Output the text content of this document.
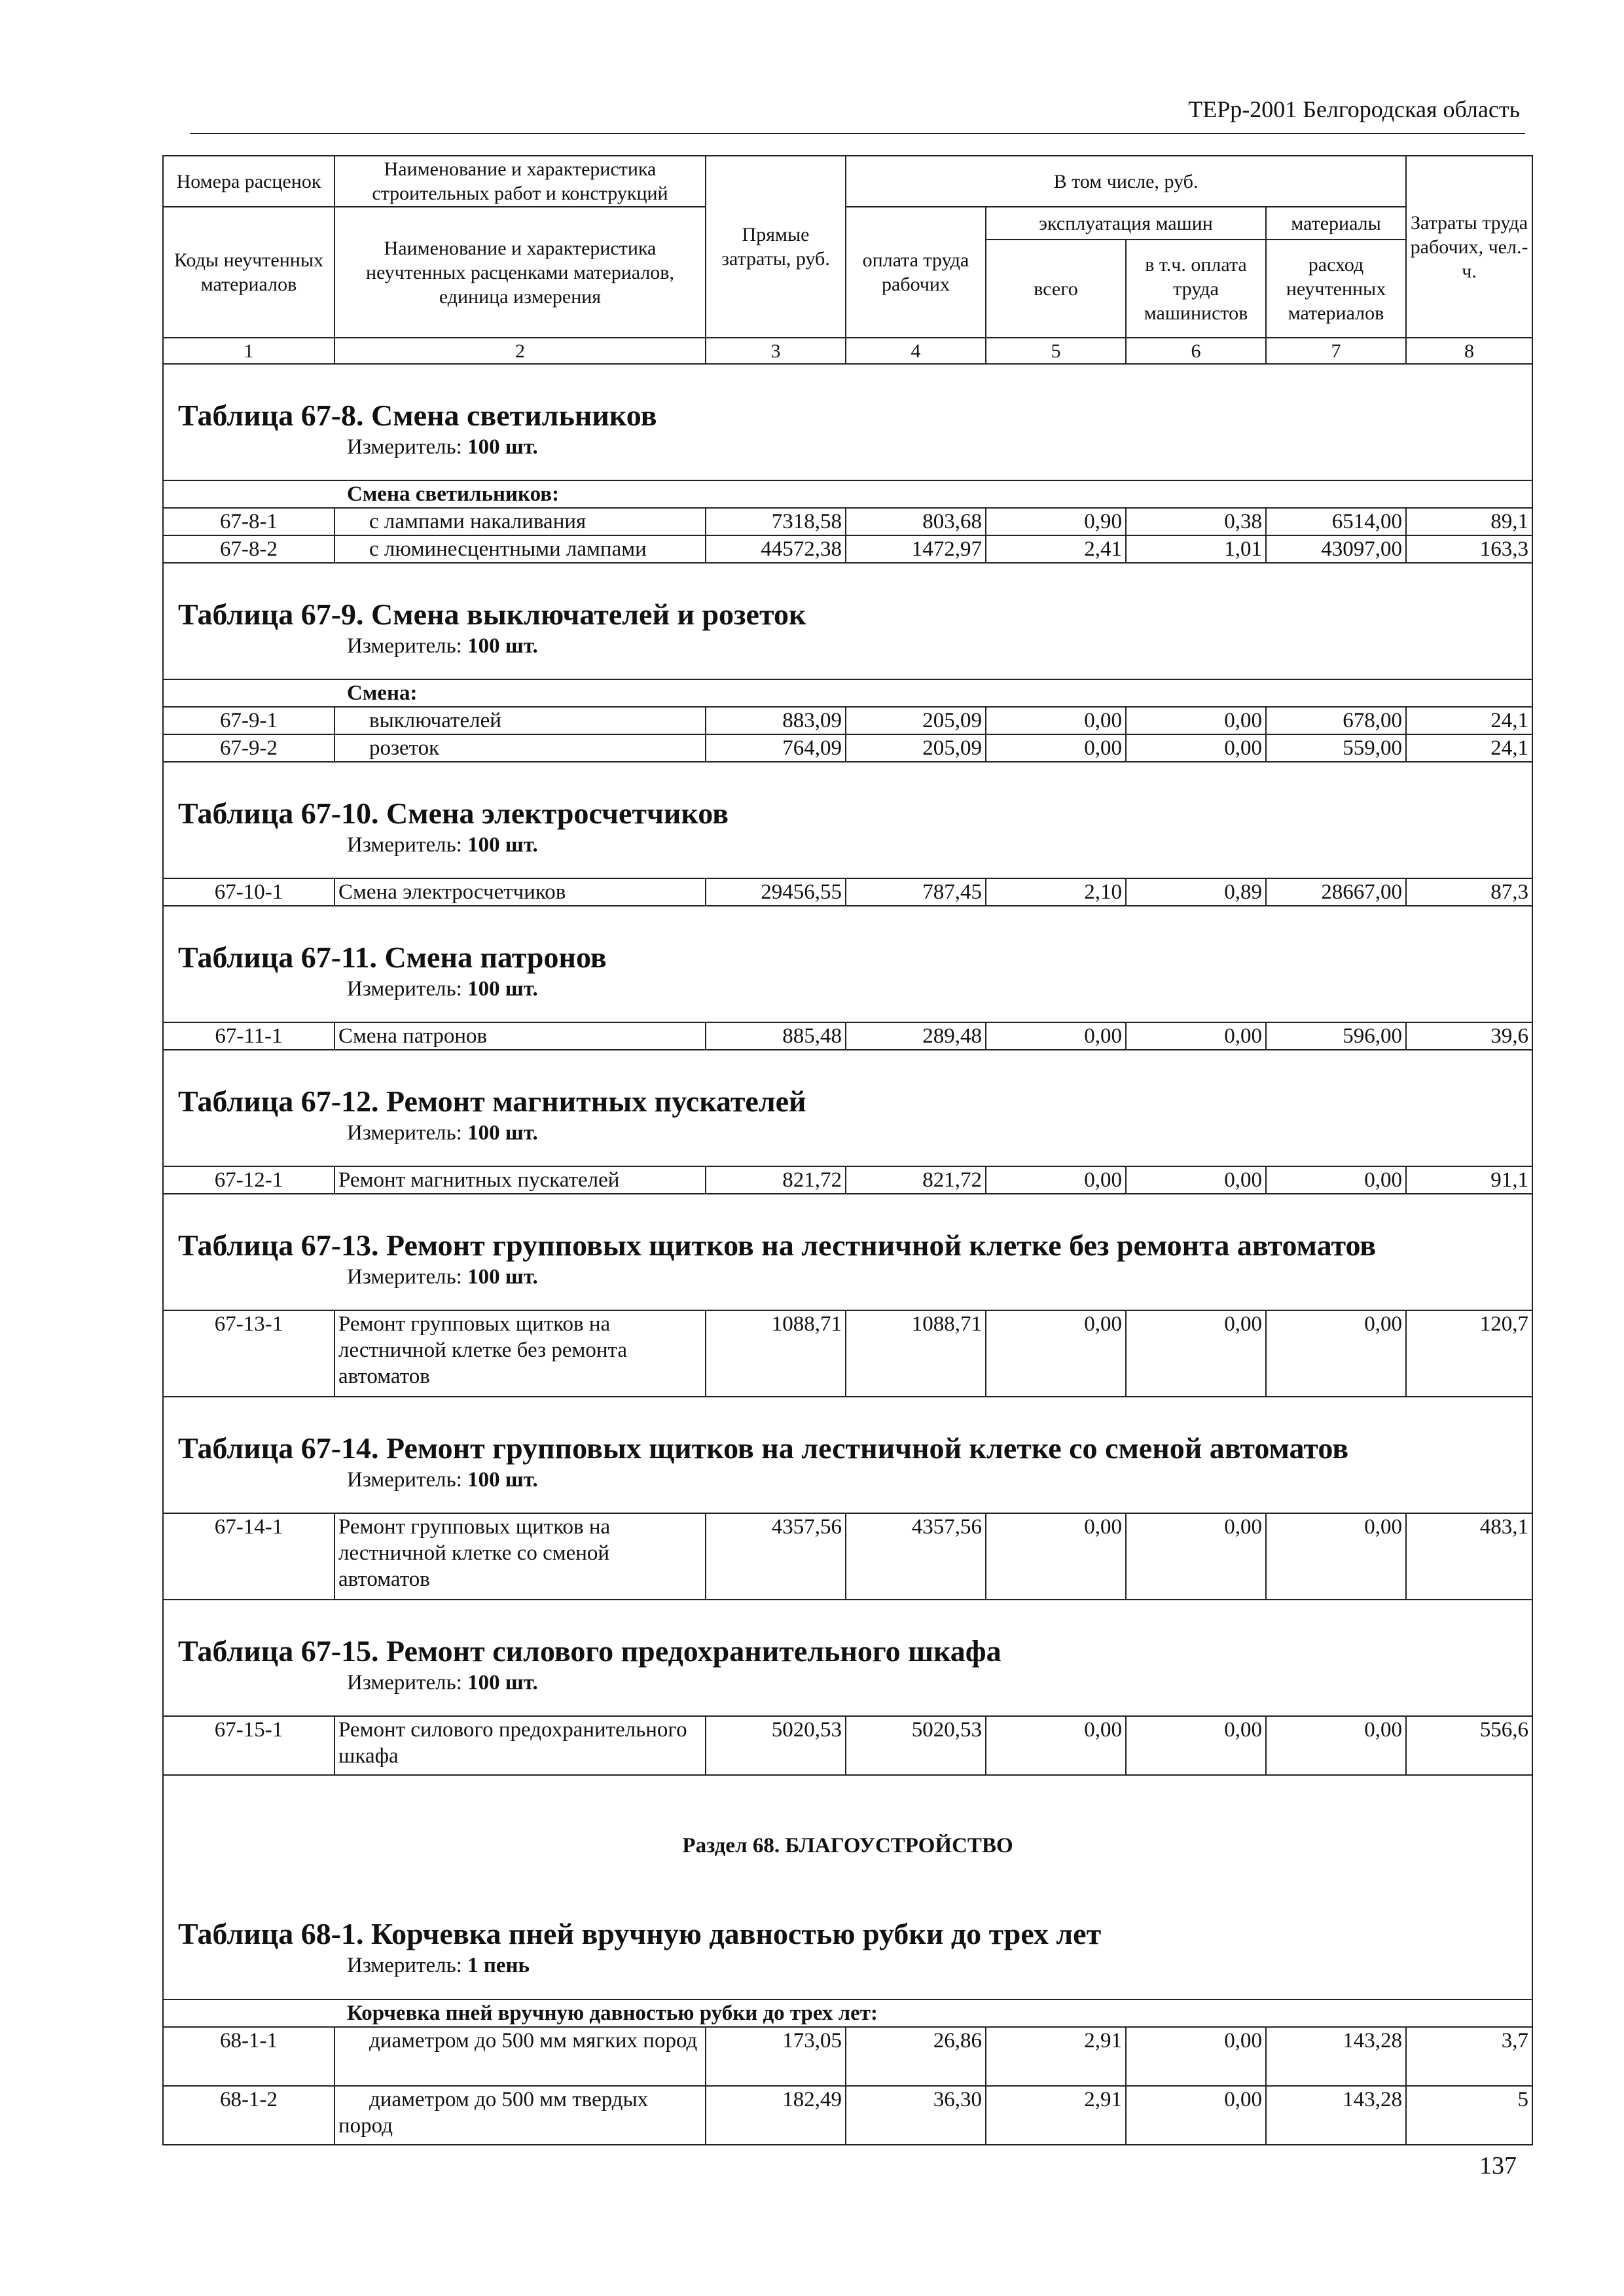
ТЕРр-2001 Белгородская область
Номера расценок	Наименование и характеристика строительных работ и конструкций	Прямые затраты, руб.	В том числе, руб.				Затраты труда рабочих, чел.-ч.

Коды неучтенных материалов	Наименование и характеристика неучтенных расценками материалов, единица измерения		оплата труда рабочих	эксплуатация машин		материалы	
				всего	в т.ч. оплата труда машинистов	расход неучтенных материалов	
1	2	3	4	5	6	7	8

Таблица 67-8. Смена светильников
Измеритель: 100 шт.							

Смена светильников:							
67-8-1	с лампами накаливания	7318,58	803,68	0,90	0,38	6514,00	89,1
67-8-2	с люминесцентными лампами	44572,38	1472,97	2,41	1,01	43097,00	163,3

Таблица 67-9. Смена выключателей и розеток
Измеритель: 100 шт.							

Смена:							
67-9-1	выключателей	883,09	205,09	0,00	0,00	678,00	24,1
67-9-2	розеток	764,09	205,09	0,00	0,00	559,00	24,1

Таблица 67-10. Смена электросчетчиков
Измеритель: 100 шт.							

67-10-1	Смена электросчетчиков	29456,55	787,45	2,10	0,89	28667,00	87,3

Таблица 67-11. Смена патронов
Измеритель: 100 шт.							

67-11-1	Смена патронов	885,48	289,48	0,00	0,00	596,00	39,6

Таблица 67-12. Ремонт магнитных пускателей
Измеритель: 100 шт.							

67-12-1	Ремонт магнитных пускателей	821,72	821,72	0,00	0,00	0,00	91,1

Таблица 67-13. Ремонт групповых щитков на лестничной клетке без ремонта автоматов
Измеритель: 100 шт.							

67-13-1	Ремонт групповых щитков на лестничной клетке без ремонта автоматов	1088,71	1088,71	0,00	0,00	0,00	120,7

Таблица 67-14. Ремонт групповых щитков на лестничной клетке со сменой автоматов
Измеритель: 100 шт.							

67-14-1	Ремонт групповых щитков на лестничной клетке со сменой автоматов	4357,56	4357,56	0,00	0,00	0,00	483,1

Таблица 67-15. Ремонт силового предохранительного шкафа
Измеритель: 100 шт.							

67-15-1	Ремонт силового предохранительного шкафа	5020,53	5020,53	0,00	0,00	0,00	556,6
Раздел 68. БЛАГОУСТРОЙСТВО							

Таблица 68-1. Корчевка пней вручную давностью рубки до трех лет
Измеритель: 1 пень							

Корчевка пней вручную давностью рубки до трех лет:							
68-1-1	диаметром до 500 мм мягких пород	173,05	26,86	2,91	0,00	143,28	3,7
68-1-2	диаметром до 500 мм твердых пород	182,49	36,30	2,91	0,00	143,28	5
137
